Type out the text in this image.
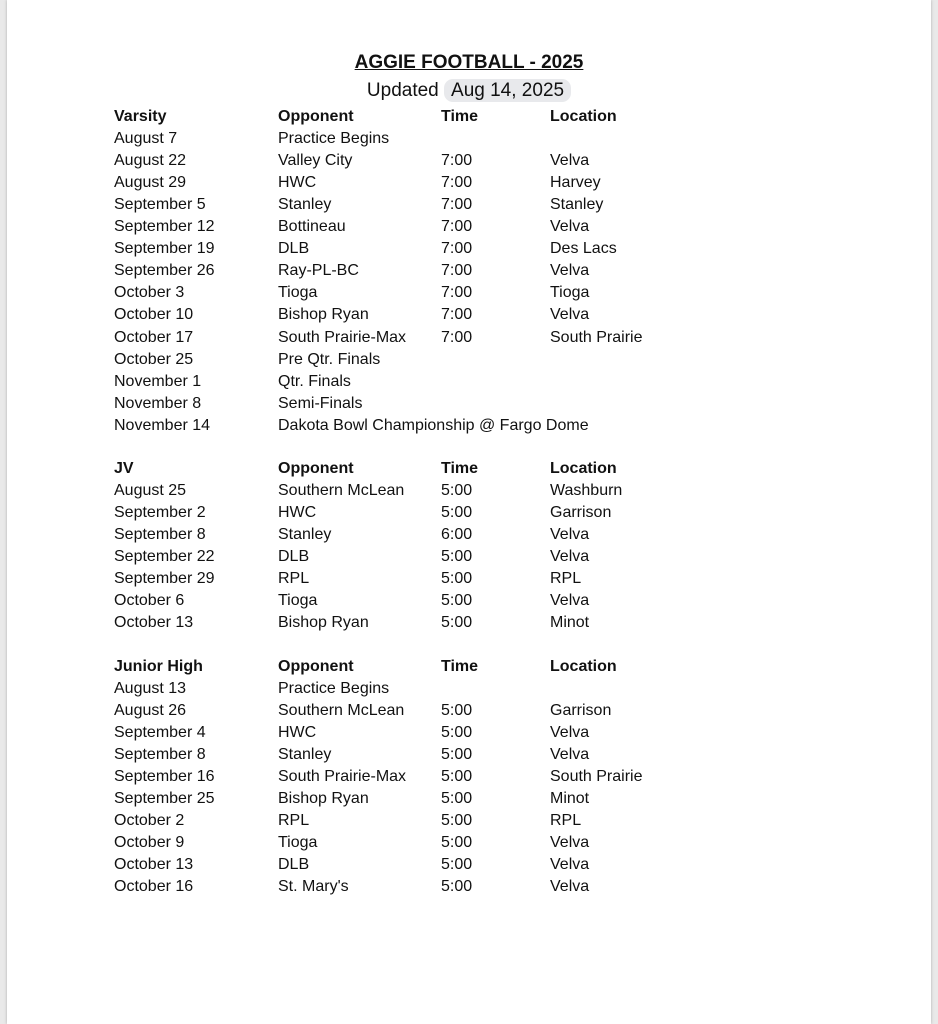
AGGIE FOOTBALL - 2025
Updated Aug 14, 2025
Varsity	Opponent	Time	Location
August 7	Practice Begins
August 22	Valley City	7:00	Velva
August 29	HWC	7:00	Harvey
September 5	Stanley	7:00	Stanley
September 12	Bottineau	7:00	Velva
September 19	DLB	7:00	Des Lacs
September 26	Ray-PL-BC	7:00	Velva
October 3	Tioga	7:00	Tioga
October 10	Bishop Ryan	7:00	Velva
October 17	South Prairie-Max 7:00	South Prairie
October 25	Pre Qtr. Finals
November 1	Qtr. Finals
November 8	Semi-Finals
November 14	Dakota Bowl Championship @ Fargo Dome
JV	Opponent	Time	Location
August 25	Southern McLean 5:00	Washburn
September 2	HWC	5:00	Garrison
September 8	Stanley	6:00	Velva
September 22	DLB	5:00	Velva
September 29	RPL	5:00	RPL
October 6	Tioga	5:00	Velva
October 13	Bishop Ryan	5:00	Minot
Junior High	Opponent	Time	Location
August 13	Practice Begins
August 26	Southern McLean 5:00	Garrison
September 4	HWC	5:00	Velva
September 8	Stanley	5:00	Velva
September 16	South Prairie-Max 5:00	South Prairie
September 25	Bishop Ryan	5:00	Minot
October 2	RPL	5:00	RPL
October 9	Tioga	5:00	Velva
October 13	DLB	5:00	Velva
October 16	St. Mary's	5:00	Velva
